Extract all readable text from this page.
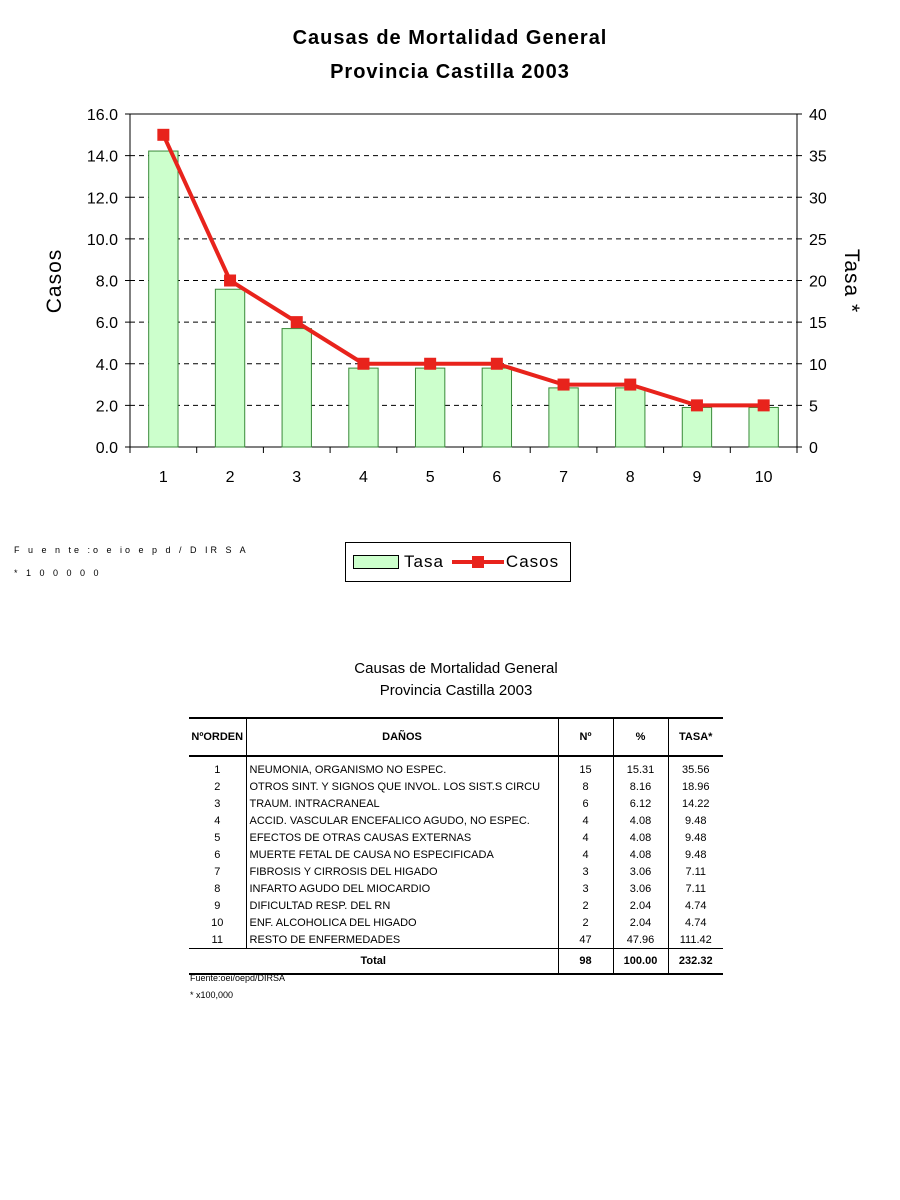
Causas de Mortalidad General
Provincia Castilla 2003
0.0
2.0
4.0
6.0
8.0
10.0
12.0
14.0
16.0
0
5
10
15
20
25
30
35
40
1	2	3	4	5	6	7	8	9	10
Casos	Tasa *
F u e n te :o e io e p d / D IR S A
* 1 0 0 0 0 0
Tasa	Casos
Causas de Mortalidad General
Provincia Castilla 2003
NºORDEN	DAÑOS	Nº	%	TASA*
1	NEUMONIA, ORGANISMO NO ESPEC.	15	15.31	35.56
2	OTROS SINT. Y SIGNOS QUE INVOL. LOS SIST.S CIRCU	8	8.16	18.96
3	TRAUM. INTRACRANEAL	6	6.12	14.22
4	ACCID. VASCULAR ENCEFALICO AGUDO, NO ESPEC.	4	4.08	9.48
5	EFECTOS DE OTRAS CAUSAS EXTERNAS	4	4.08	9.48
6	MUERTE FETAL DE CAUSA NO ESPECIFICADA	4	4.08	9.48
7	FIBROSIS Y CIRROSIS DEL HIGADO	3	3.06	7.11
8	INFARTO AGUDO DEL MIOCARDIO	3	3.06	7.11
9	DIFICULTAD RESP. DEL RN	2	2.04	4.74
10	ENF. ALCOHOLICA DEL HIGADO	2	2.04	4.74
11	RESTO DE ENFERMEDADES	47	47.96	111.42
Total		98	100.00	232.32
Fuente:oei/oepd/DIRSA
* x100,000
